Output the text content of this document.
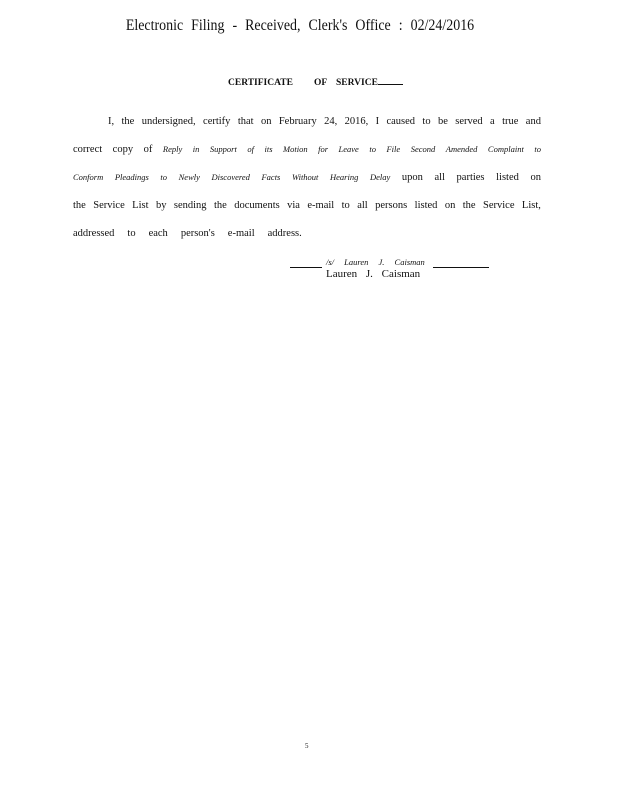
Electronic Filing - Received, Clerk's Office : 02/24/2016
CERTIFICATE OF SERVICE
I, the undersigned, certify that on February 24, 2016, I caused to be served a true and
correct copy of Reply in Support of its Motion for Leave to File Second Amended Complaint to
Conform Pleadings to Newly Discovered Facts Without Hearing Delay upon all parties listed on
the Service List by sending the documents via e-mail to all persons listed on the Service List,
addressed to each person's e-mail address.
/s/ Lauren J. Caisman
Lauren J. Caisman
5
